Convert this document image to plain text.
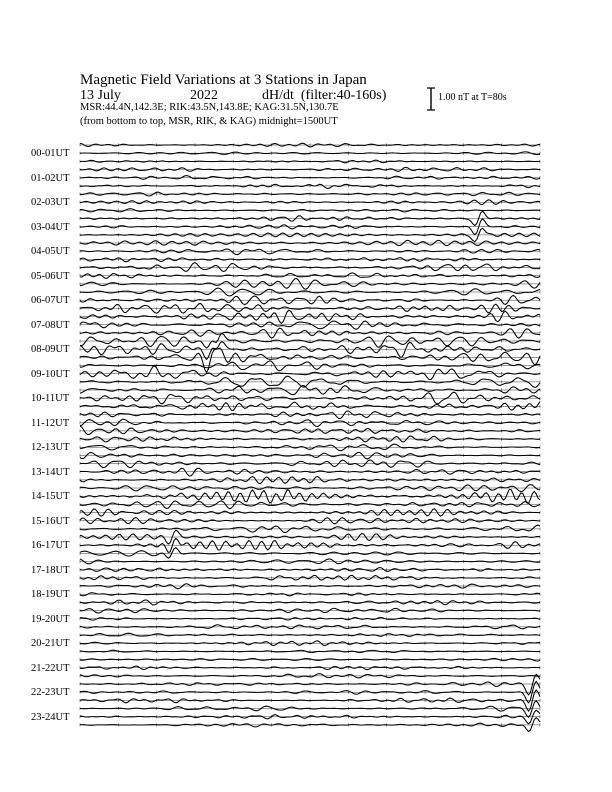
Magnetic Field Variations at 3 Stations in Japan
13 July	2022	dH/dt (filter:40-160s)
MSR:44.4N,142.3E; RIK:43.5N,143.8E; KAG:31.5N,130.7E
(from bottom to top, MSR, RIK, & KAG) midnight=1500UT
1.00 nT at T=80s
00-01UT
01-02UT
02-03UT
03-04UT
04-05UT
05-06UT
06-07UT
07-08UT
08-09UT
09-10UT
10-11UT
11-12UT
12-13UT
13-14UT
14-15UT
15-16UT
16-17UT
17-18UT
18-19UT
19-20UT
20-21UT
21-22UT
22-23UT
23-24UT
